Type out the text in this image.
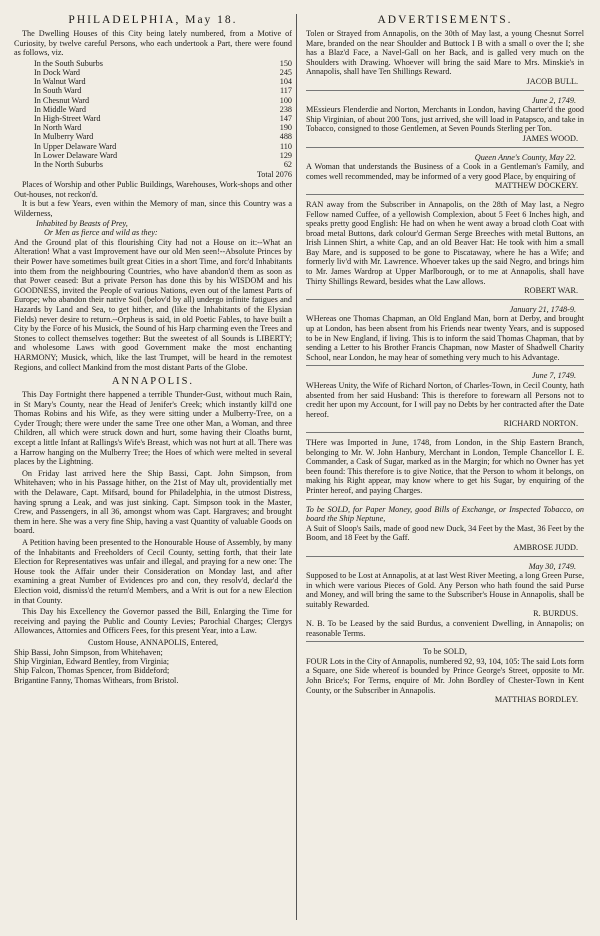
PHILADELPHIA, May 18.

The Dwelling Houses of this City being lately numbered, from a Motive of Curiosity, by twelve careful Persons, who each undertook a Part, there were found as follows, viz.

In the South Suburbs	150
In Dock Ward	245
In Walnut Ward	104
In South Ward	117
In Chesnut Ward	100
In Middle Ward	238
In High-Street Ward	147
In North Ward	190
In Mulberry Ward	488
In Upper Delaware Ward	110
In Lower Delaware Ward	129
In the North Suburbs	62
Total 2076

Places of Worship and other Public Buildings, Warehouses, Work-shops and other Out-houses, not reckon'd.

It is but a few Years, even within the Memory of man, since this Country was a Wilderness,

Inhabited by Beasts of Prey,
Or Men as fierce and wild as they:

And the Ground plat of this flourishing City had not a House on it:--What an Alteration! What a vast Improvement have our old Men seen!--Absolute Princes by their Power have sometimes built great Cities in a short Time, and forc'd Inhabitants into them from the neighbouring Countries, who have abandon'd them as soon as that Power ceased: But a private Person has done this by his WISDOM and his GOODNESS, invited the People of various Nations, even out of the lamest Parts of Europe; who abandon their native Soil (belov'd by all) undergo infinite fatigues and Hazards by Land and Sea, to get hither, and (like the Inhabitants of the Elysian Fields) never desire to return.--Orpheus is said, in old Poetic Fables, to have built a City by the Force of his Musick, the Sound of his Harp charming even the Trees and Stones to collect themselves together: But the sweetest of all Sounds is LIBERTY; and wholesome Laws with good Government make the most enchanting HARMONY; Musick, which, like the last Trumpet, will be heard in the remotest Regions, and collect Mankind from the most distant Parts of the Globe.

ANNAPOLIS.

This Day Fortnight there happened a terrible Thunder-Gust, without much Rain, in St Mary's County, near the Head of Jenifer's Creek; which instantly kill'd one Thomas Robins and his Wife, as they were sitting under a Mulberry-Tree, on a Cyder Trough; there were under the same Tree one other Man, a Woman, and three Children, all which were struck down and hurt, some having their Cloaths burnt, except a little Infant at Rallings's Wife's Breast, which was not hurt at all. There was a Harrow hanging on the Mulberry Tree; the Hoes of which were melted in several places by the Lightning.

On Friday last arrived here the Ship Bassi, Capt. John Simpson, from Whitehaven; who in his Passage hither, on the 21st of May ult, providentially met with the Delaware, Capt. Mifsard, bound for Philadelphia, in the utmost Distress, having sprung a Leak, and was just sinking. Capt. Simpson took in the Master, Crew, and Passengers, in all 36, amongst whom was Capt. Hargraves; and brought them in here. She was a very fine Ship, having a vast Quantity of valuable Goods on board.

A Petition having been presented to the Honourable House of Assembly, by many of the Inhabitants and Freeholders of Cecil County, setting forth, that their late Election for Representatives was unfair and illegal, and praying for a new one: The House took the Affair under their Consideration on Monday last, and after examining a great Number of Evidences pro and con, they resolv'd, declar'd the Election void, dismiss'd the return'd Members, and a Writ is out for a new Election in that County.

This Day his Excellency the Governor passed the Bill, Enlarging the Time for receiving and paying the Public and County Levies; Parochial Charges; Clergys Allowances, Attornies and Officers Fees, for this present Year, into a Law.

Custom House, ANNAPOLIS, Entered,
Ship Bassi, John Simpson, from Whitehaven;
Ship Virginian, Edward Bentley, from Virginia;
Ship Falcon, Thomas Spencer, from Biddeford;
Brigantine Fanny, Thomas Withears, from Bristol.
ADVERTISEMENTS.

Tolen or Strayed from Annapolis, on the 30th of May last, a young Chesnut Sorrel Mare, branded on the near Shoulder and Buttock I B with a small o over the I; she has a Blaz'd Face, a Navel-Gall on her Back, and is galled very much on the Shoulders with Drawing. Whoever will bring the said Mare to Mrs. Minskie's in Annapolis, shall have Ten Shillings Reward.

JACOB BULL.
June 2, 1749.

MEssieurs Flenderdie and Norton, Merchants in London, having Charter'd the good Ship Virginian, of about 200 Tons, just arrived, she will load in Patapsco, and take in Tobacco, consigned to those Gentlemen, at Seven Pounds Sterling per Ton.

JAMES WOOD.
Queen Anne's County, May 22.

A Woman that understands the Business of a Cook in a Gentleman's Family, and comes well recommended, may be informed of a very good Place, by enquiring of

MATTHEW DOCKERY.

RAN away from the Subscriber in Annapolis, on the 28th of May last, a Negro Fellow named Cuffee, of a yellowish Complexion, about 5 Feet 6 Inches high, and speaks pretty good English: He had on when he went away a broad cloth Coat with broad metal Buttons, dark colour'd German Serge Breeches with metal Buttons, an Irish Linnen Shirt, a white Cap, and an old Beaver Hat: He took with him a small Bay Mare, and is supposed to be gone to Piscataway, where he has a Wife; and formerly liv'd with Mr. Lawrence. Whoever takes up the said Negro, and brings him to Mr. James Wardrop at Upper Marlborough, or to me at Annapolis, shall have Thirty Shillings Reward, besides what the Law allows.

ROBERT WAR.
January 21, 1748-9.

WHereas one Thomas Chapman, an Old England Man, born at Derby, and brought up at London, has been absent from his Friends near twenty Years, and is supposed to be in New England, if living. This is to inform the said Thomas Chapman, that by sending a Letter to his Brother Francis Chapman, now Master of Shadwell Charity School, near London, he may hear of something very much to his Advantage.

June 7, 1749.

WHereas Unity, the Wife of Richard Norton, of Charles-Town, in Cecil County, hath absented from her said Husband: This is therefore to forewarn all Persons not to credit her upon my Account, for I will pay no Debts by her contracted after the Date hereof.

RICHARD NORTON.

THere was Imported in June, 1748, from London, in the Ship Eastern Branch, belonging to Mr. W. John Hanbury, Merchant in London, Temple Chancellor I. E. Commander, a Cask of Sugar, marked as in the Margin; for which no Owner has yet been found: This therefore is to give Notice, that the Person to whom it belongs, on making his Right appear, may know where to get his Sugar, by enquiring of the Printer hereof, and paying Charges.

To be SOLD, for Paper Money, good Bills of Exchange, or Inspected Tobacco, on board the Ship Neptune,

A Suit of Sloop's Sails, made of good new Duck, 34 Feet by the Mast, 36 Feet by the Boom, and 18 Feet by the Gaff.

AMBROSE JUDD.
May 30, 1749.

Supposed to be Lost at Annapolis, at at last West River Meeting, a long Green Purse, in which were various Pieces of Gold. Any Person who hath found the said Purse and Money, and will bring the same to the Subscriber's House in Annapolis, shall be suitably Rewarded.

R. BURDUS.

N. B. To be Leased by the said Burdus, a convenient Dwelling, in Annapolis; on reasonable Terms.

To be SOLD,

FOUR Lots in the City of Annapolis, numbered 92, 93, 104, 105: The said Lots form a Square, one Side whereof is bounded by Prince George's Street, opposite to Mr. John Brice's; For Terms, enquire of Mr. John Bordley of Chester-Town in Kent County, or the Subscriber in Annapolis.

MATTHIAS BORDLEY.
